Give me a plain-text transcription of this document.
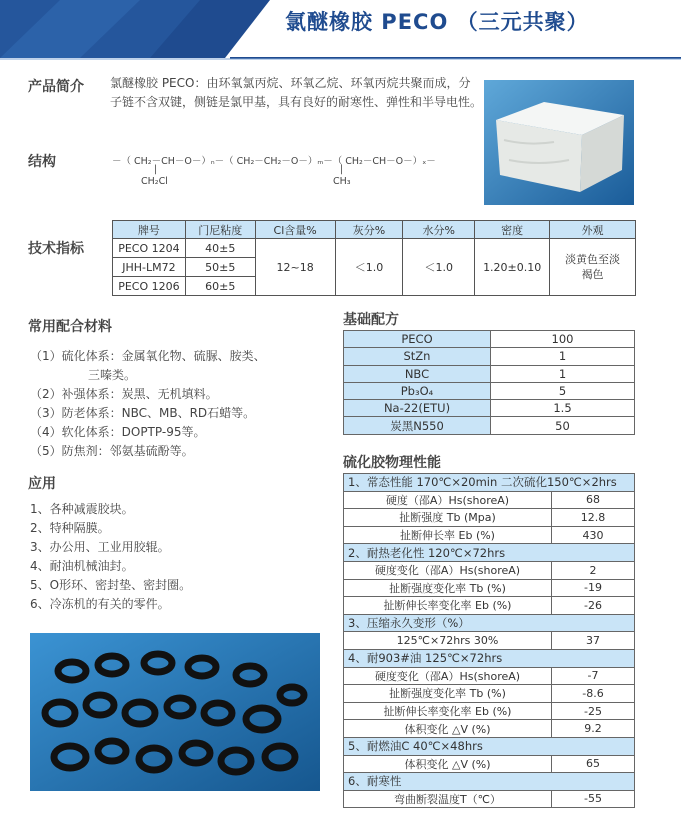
氯醚橡胶 PECO （三元共聚）
产品简介 氯醚橡胶 PECO：由环氧氯丙烷、环氧乙烷、环氧丙烷共聚而成，分子链不含双键，侧链是氯甲基，具有良好的耐寒性、弹性和半导电性。
结构	－（ CH₂－CH－O－）ₙ－（ CH₂－CH₂－O－）ₘ－（ CH₂－CH－O－）ₓ－
|	|
CH₂Cl	CH₃
技术指标
牌号	门尼粘度	Cl含量%	灰分%	水分%	密度	外观
PECO 1204	40±5	12~18	＜1.0	＜1.0	1.20±0.10	淡黄色至淡褐色
JHH-LM72	50±5					
PECO 1206	60±5					
常用配合材料
（1）硫化体系：金属氧化物、硫脲、胺类、
三嗪类。
（2）补强体系：炭黑、无机填料。
（3）防老体系：NBC、MB、RD石蜡等。
（4）软化体系：DOPTP-95等。
（5）防焦剂：邻氨基硫酚等。
应用
1、各种减震胶块。
2、特种隔膜。
3、办公用、工业用胶辊。
4、耐油机械油封。
5、O形环、密封垫、密封圈。
6、冷冻机的有关的零件。
基础配方
PECO	100
StZn	1
NBC	1
Pb₃O₄	5
Na-22(ETU)	1.5
炭黑N550	50
硫化胶物理性能
1、常态性能 170℃×20min 二次硫化150℃×2hrs	
硬度（邵A）Hs(shoreA)	68
扯断强度 Tb (Mpa)	12.8
扯断伸长率 Eb (%)	430
2、耐热老化性 120℃×72hrs	
硬度变化（邵A）Hs(shoreA)	2
扯断强度变化率 Tb (%)	-19
扯断伸长率变化率 Eb (%)	-26
3、压缩永久变形（%）	
125℃×72hrs 30%	37
4、耐903#油 125℃×72hrs	
硬度变化（邵A）Hs(shoreA)	-7
扯断强度变化率 Tb (%)	-8.6
扯断伸长率变化率 Eb (%)	-25
体积变化 △V (%)	9.2
5、耐燃油C 40℃×48hrs	
体积变化 △V (%)	65
6、耐寒性	
弯曲断裂温度T（℃）	-55
